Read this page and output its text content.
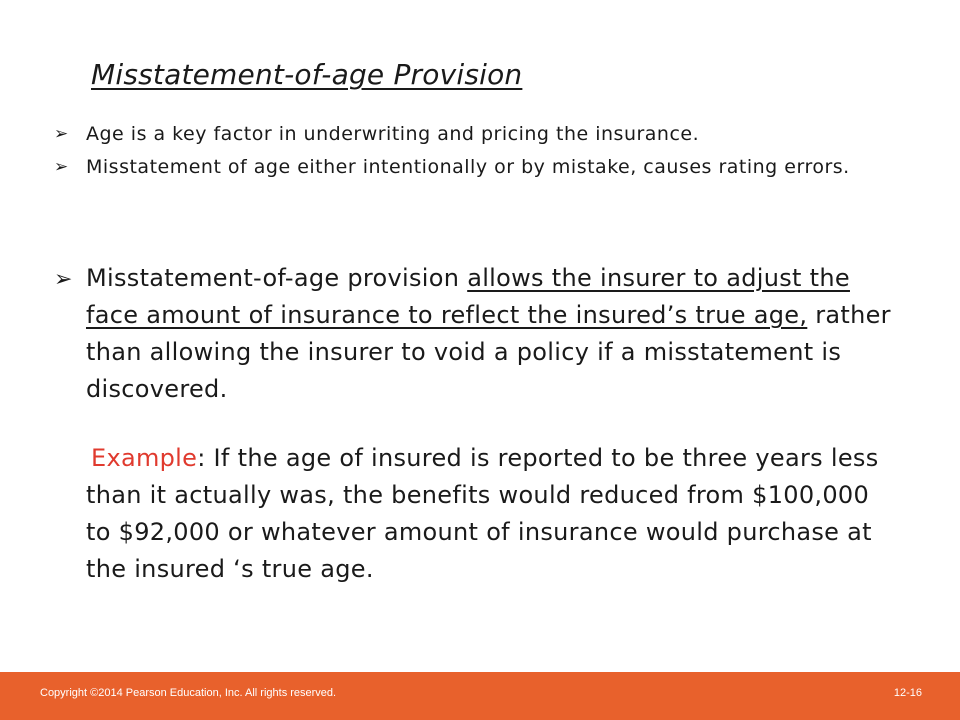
Misstatement-of-age Provision
➢ Age is a key factor in underwriting and pricing the insurance.
➢ Misstatement of age either intentionally or by mistake, causes rating errors.
➢ Misstatement-of-age provision allows the insurer to adjust the face amount of insurance to reflect the insured’s true age, rather than allowing the insurer to void a policy if a misstatement is discovered.
Example: If the age of insured is reported to be three years less than it actually was, the benefits would reduced from $100,000 to $92,000 or whatever amount of insurance would purchase at the insured ‘s true age.
Copyright ©2014 Pearson Education, Inc. All rights reserved.	12-16
